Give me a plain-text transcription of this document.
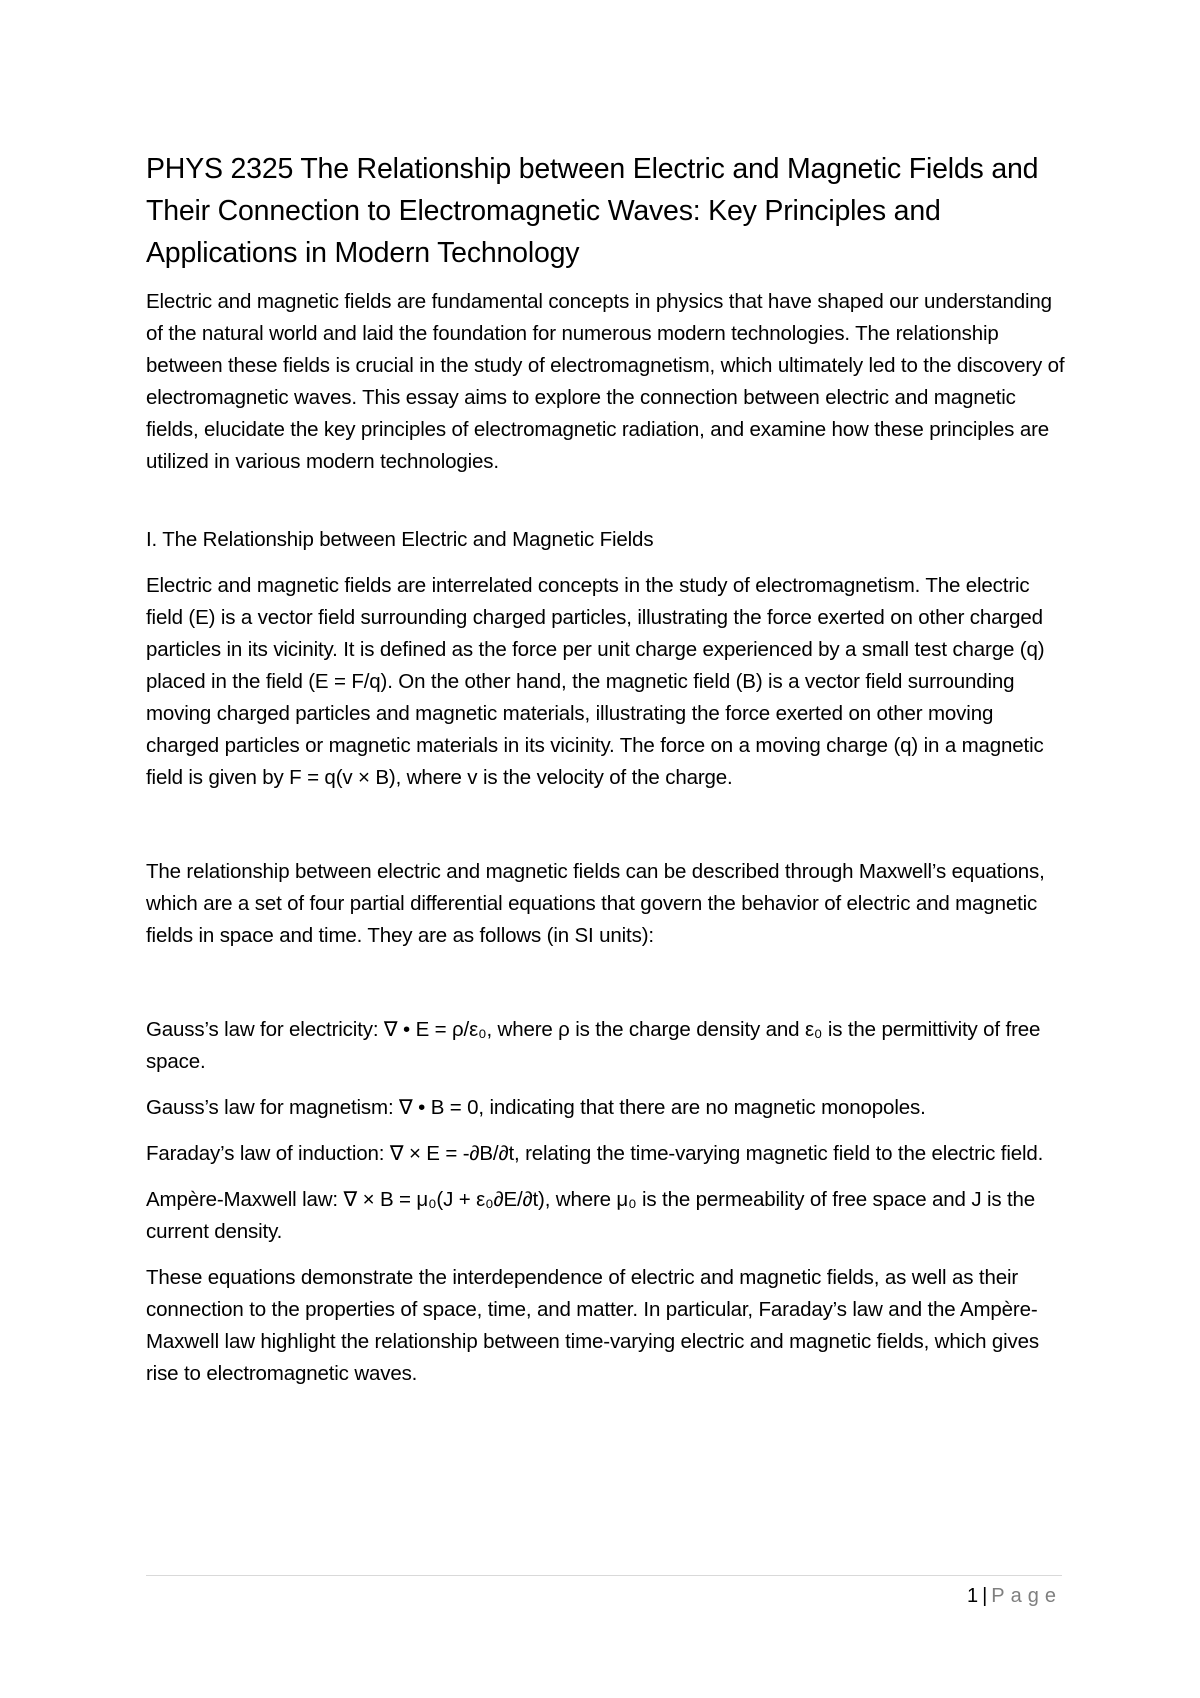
PHYS 2325 The Relationship between Electric and Magnetic Fields and Their Connection to Electromagnetic Waves: Key Principles and Applications in Modern Technology

Electric and magnetic fields are fundamental concepts in physics that have shaped our understanding of the natural world and laid the foundation for numerous modern technologies. The relationship between these fields is crucial in the study of electromagnetism, which ultimately led to the discovery of electromagnetic waves. This essay aims to explore the connection between electric and magnetic fields, elucidate the key principles of electromagnetic radiation, and examine how these principles are utilized in various modern technologies.

I. The Relationship between Electric and Magnetic Fields

Electric and magnetic fields are interrelated concepts in the study of electromagnetism. The electric field (E) is a vector field surrounding charged particles, illustrating the force exerted on other charged particles in its vicinity. It is defined as the force per unit charge experienced by a small test charge (q) placed in the field (E = F/q). On the other hand, the magnetic field (B) is a vector field surrounding moving charged particles and magnetic materials, illustrating the force exerted on other moving charged particles or magnetic materials in its vicinity. The force on a moving charge (q) in a magnetic field is given by F = q(v × B), where v is the velocity of the charge.

The relationship between electric and magnetic fields can be described through Maxwell’s equations, which are a set of four partial differential equations that govern the behavior of electric and magnetic fields in space and time. They are as follows (in SI units):

Gauss’s law for electricity: ∇ • E = ρ/ε₀, where ρ is the charge density and ε₀ is the permittivity of free space.

Gauss’s law for magnetism: ∇ • B = 0, indicating that there are no magnetic monopoles.

Faraday’s law of induction: ∇ × E = -∂B/∂t, relating the time-varying magnetic field to the electric field.

Ampère-Maxwell law: ∇ × B = μ₀(J + ε₀∂E/∂t), where μ₀ is the permeability of free space and J is the current density.

These equations demonstrate the interdependence of electric and magnetic fields, as well as their connection to the properties of space, time, and matter. In particular, Faraday’s law and the Ampère-Maxwell law highlight the relationship between time-varying electric and magnetic fields, which gives rise to electromagnetic waves.

1 | Page
